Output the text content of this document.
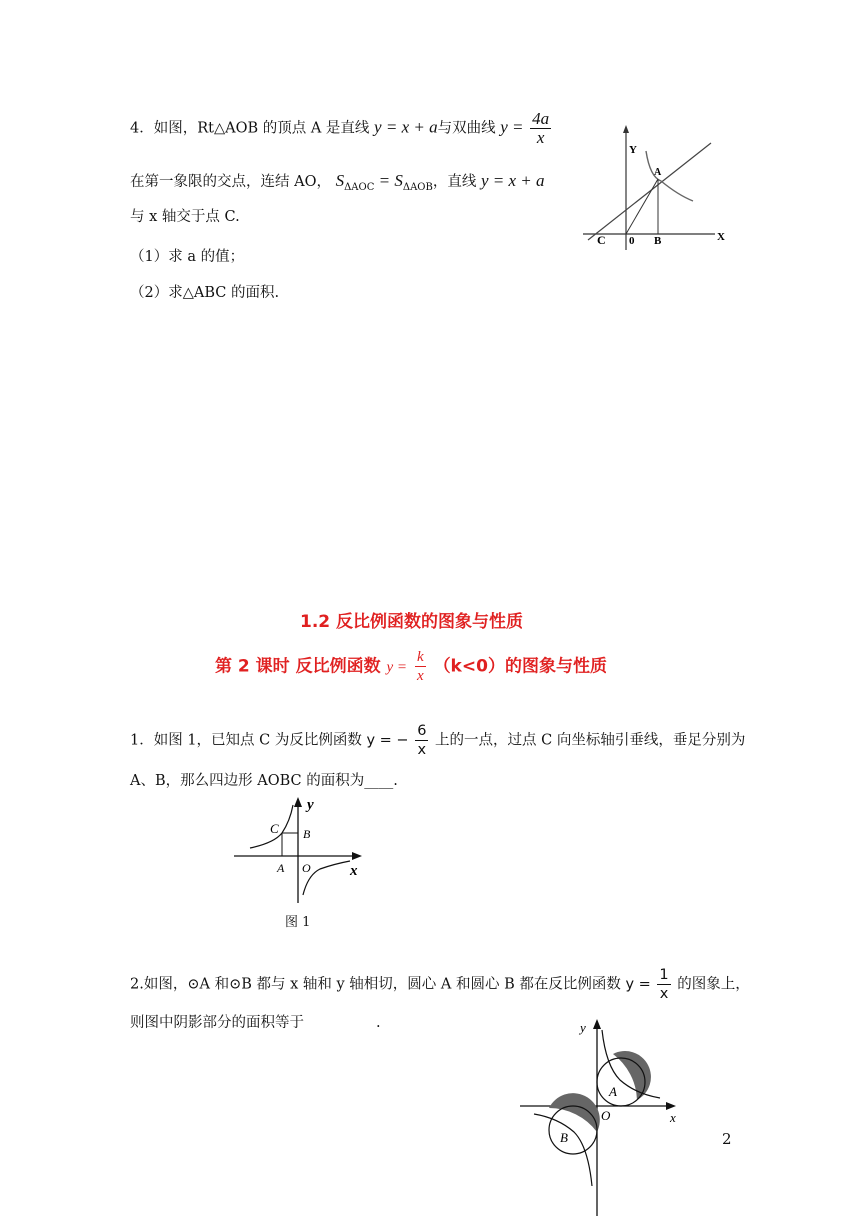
4．如图，Rt△AOB 的顶点 A 是直线 y = x + a与双曲线 $y = \frac{4a}{x}$
在第一象限的交点，连结 AO， $S_{\Delta AOC} = S_{\Delta AOB}$，直线 y = x + a
与 x 轴交于点 C.
（1）求 a 的值；
（2）求△ABC 的面积.
Y
X
A
B
C 0
1.2 反比例函数的图象与性质
第 2 课时 反比例函数 $y = \frac{k}{x} (k<0)$的图象与性质
1．如图 1，已知点 C 为反比例函数 y = − $\frac{6}{x}$ 上的一点，过点 C 向坐标轴引垂线，垂足分别为
A、B，那么四边形 AOBC 的面积为____.
C B
A O
y
x
图 1
2.如图，⊙A 和⊙B 都与 x 轴和 y 轴相切，圆心 A 和圆心 B 都在反比例函数 $y = \frac{1}{x}$ 的图象上，
则图中阴影部分的面积等于	.	y
x
A
B
O
2
